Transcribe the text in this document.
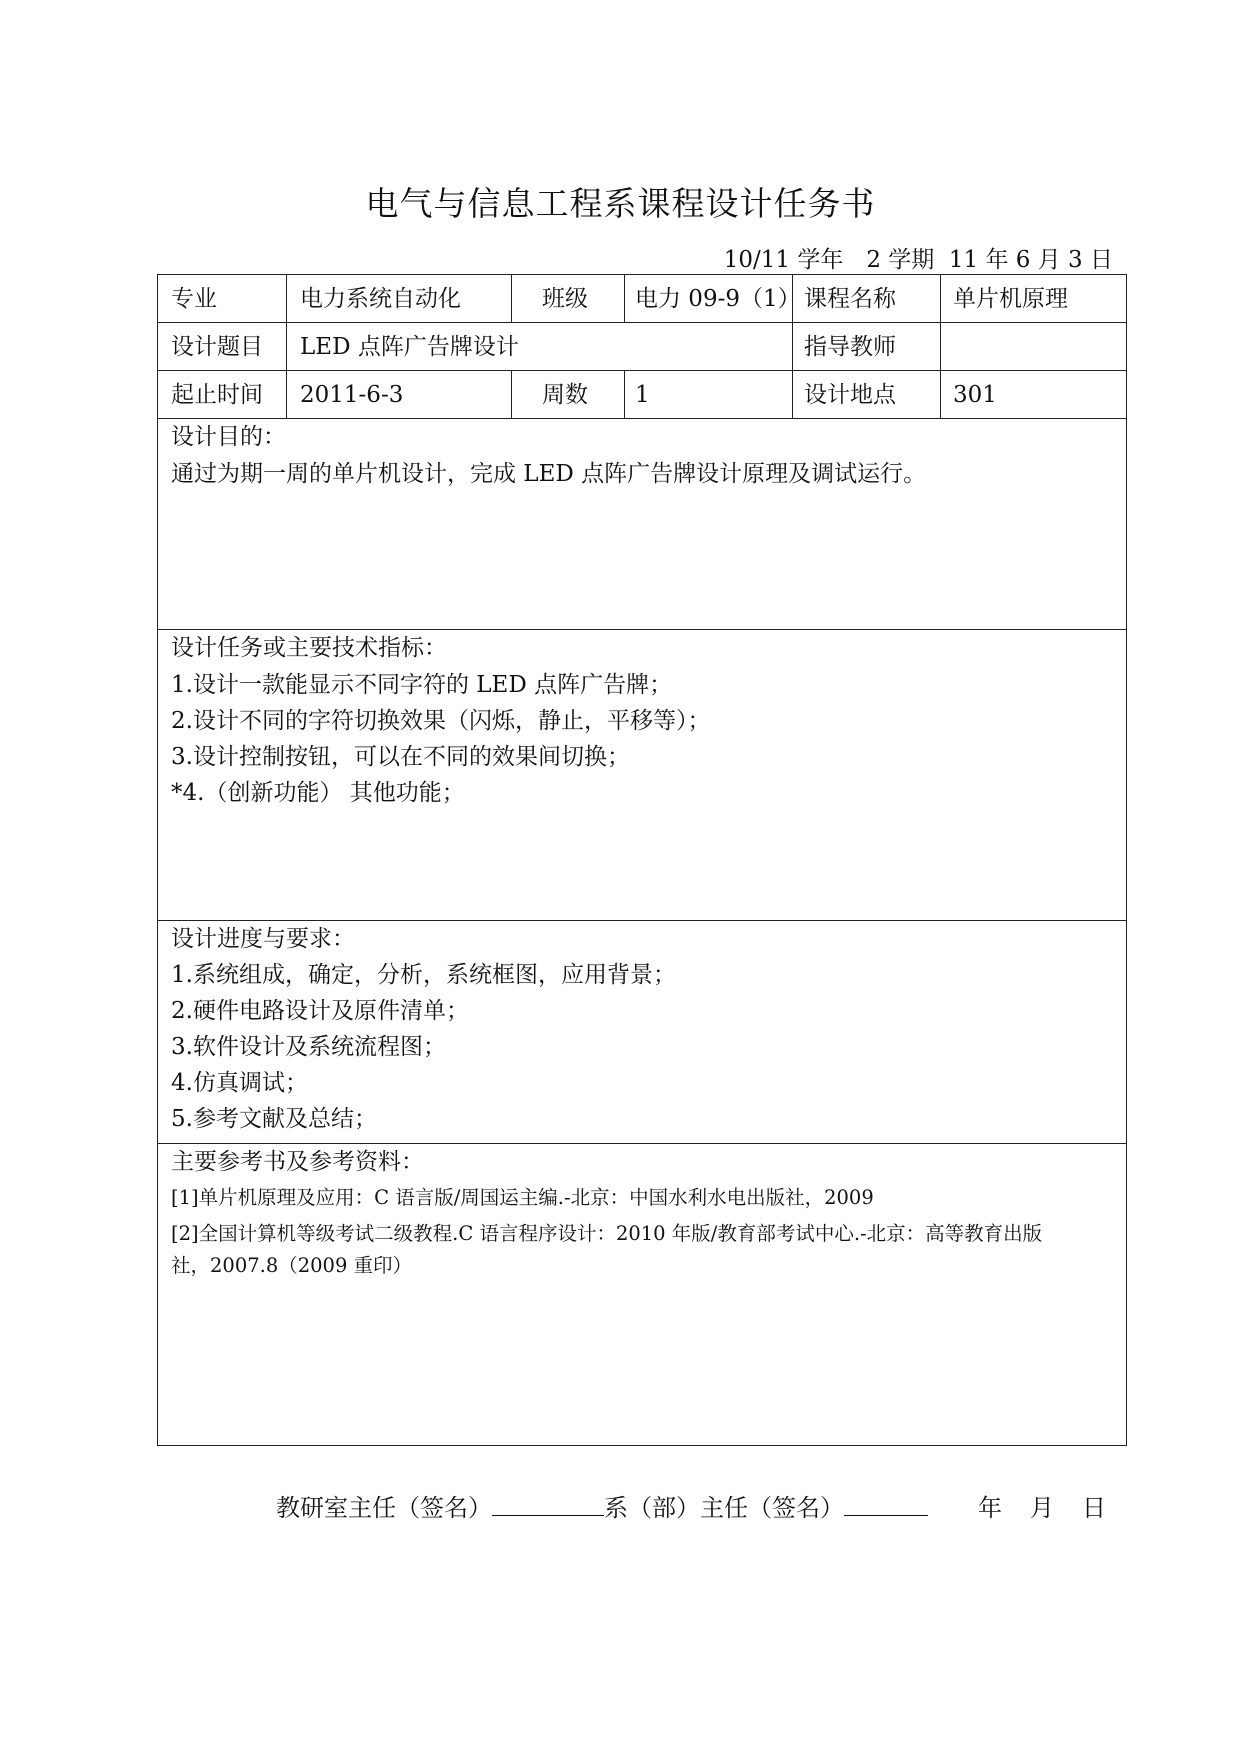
电气与信息工程系课程设计任务书
10/11 学年　2 学期  11 年 6 月 3 日
专业	电力系统自动化	班级 电力 09-9（1） 课程名称 单片机原理
设计题目 LED 点阵广告牌设计	指导教师
起止时间 2011-6-3	周数 1	设计地点 301
设计目的：
通过为期一周的单片机设计，完成 LED 点阵广告牌设计原理及调试运行。
设计任务或主要技术指标：
1.设计一款能显示不同字符的 LED 点阵广告牌；
2.设计不同的字符切换效果（闪烁，静止，平移等）；
3.设计控制按钮，可以在不同的效果间切换；
*4.（创新功能） 其他功能；
设计进度与要求：
1.系统组成，确定，分析，系统框图，应用背景；
2.硬件电路设计及原件清单；
3.软件设计及系统流程图；
4.仿真调试；
5.参考文献及总结；
主要参考书及参考资料：
[1]单片机原理及应用：C 语言版/周国运主编.-北京：中国水利水电出版社，2009
[2]全国计算机等级考试二级教程.C 语言程序设计：2010 年版/教育部考试中心.-北京：高等教育出版
社，2007.8（2009 重印）
教研室主任（签名）	系（部）主任（签名）	年 月 日
